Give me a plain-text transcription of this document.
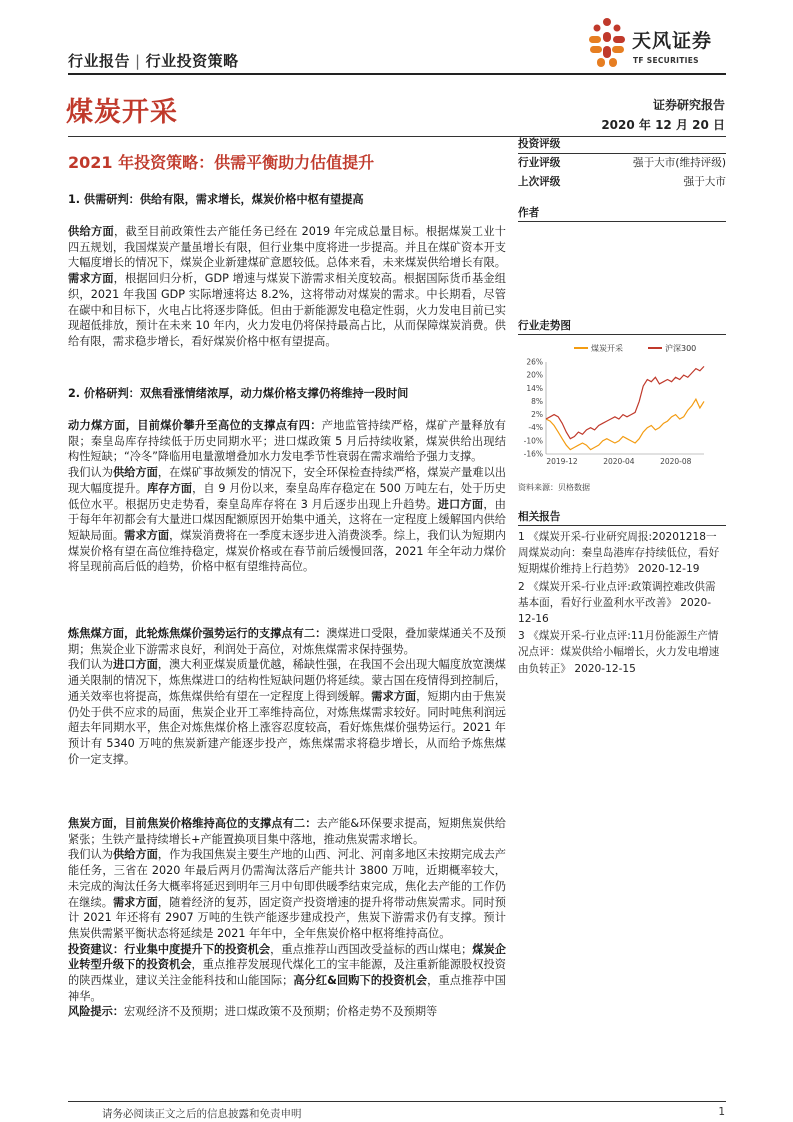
行业报告 | 行业投资策略
天风证券
TF SECURITIES
煤炭开采	证券研究报告
2020 年 12 月 20 日
2021 年投资策略：供需平衡助力估值提升
投资评级
行业评级	强于大市(维持评级)
上次评级	强于大市
作者
行业走势图
煤炭开采	沪深300
26%
20%
14%
8%
2%
-4%
-10%
-16%
2019-12	2020-04	2020-08
资料来源：贝格数据
相关报告

1 《煤炭开采-行业研究周报:20201218一周煤炭动向：秦皇岛港库存持续低位，看好短期煤价维持上行趋势》 2020-12-19

2 《煤炭开采-行业点评:政策调控难改供需基本面，看好行业盈利水平改善》 2020-12-16

3 《煤炭开采-行业点评:11月份能源生产情况点评：煤炭供给小幅增长，火力发电增速由负转正》 2020-12-15

1. 供需研判：供给有限，需求增长，煤炭价格中枢有望提高

供给方面，截至目前政策性去产能任务已经在 2019 年完成总量目标。根据煤炭工业十四五规划，我国煤炭产量虽增长有限，但行业集中度将进一步提高。并且在煤矿资本开支大幅度增长的情况下，煤炭企业新建煤矿意愿较低。总体来看，未来煤炭供给增长有限。需求方面，根据回归分析，GDP 增速与煤炭下游需求相关度较高。根据国际货币基金组织，2021 年我国 GDP 实际增速将达 8.2%，这将带动对煤炭的需求。中长期看，尽管在碳中和目标下，火电占比将逐步降低。但由于新能源发电稳定性弱，火力发电目前已实现超低排放，预计在未来 10 年内，火力发电仍将保持最高占比，从而保障煤炭消费。供给有限，需求稳步增长，看好煤炭价格中枢有望提高。

2. 价格研判：双焦看涨情绪浓厚，动力煤价格支撑仍将维持一段时间

动力煤方面，目前煤价攀升至高位的支撑点有四：产地监管持续严格，煤矿产量释放有限；秦皇岛库存持续低于历史同期水平；进口煤政策 5 月后持续收紧，煤炭供给出现结构性短缺；“冷冬”降临用电量激增叠加水力发电季节性衰弱在需求端给予强力支撑。

我们认为供给方面，在煤矿事故频发的情况下，安全环保检查持续严格，煤炭产量难以出现大幅度提升。库存方面，自 9 月份以来，秦皇岛库存稳定在 500 万吨左右，处于历史低位水平。根据历史走势看，秦皇岛库存将在 3 月后逐步出现上升趋势。进口方面，由于每年年初都会有大量进口煤因配额原因开始集中通关，这将在一定程度上缓解国内供给短缺局面。需求方面，煤炭消费将在一季度末逐步进入消费淡季。综上，我们认为短期内煤炭价格有望在高位维持稳定，煤炭价格或在春节前后缓慢回落，2021 年全年动力煤价将呈现前高后低的趋势，价格中枢有望维持高位。

炼焦煤方面，此轮炼焦煤价强势运行的支撑点有二：澳煤进口受限，叠加蒙煤通关不及预期；焦炭企业下游需求良好，利润处于高位，对炼焦煤需求保持强势。

我们认为进口方面，澳大利亚煤炭质量优越，稀缺性强，在我国不会出现大幅度放宽澳煤通关限制的情况下，炼焦煤进口的结构性短缺问题仍将延续。蒙古国在疫情得到控制后，通关效率也将提高，炼焦煤供给有望在一定程度上得到缓解。需求方面，短期内由于焦炭仍处于供不应求的局面，焦炭企业开工率维持高位，对炼焦煤需求较好。同时吨焦利润远超去年同期水平，焦企对炼焦煤价格上涨容忍度较高，看好炼焦煤价强势运行。2021 年预计有 5340 万吨的焦炭新建产能逐步投产，炼焦煤需求将稳步增长，从而给予炼焦煤价一定支撑。

焦炭方面，目前焦炭价格维持高位的支撑点有二：去产能&环保要求提高，短期焦炭供给紧张；生铁产量持续增长+产能置换项目集中落地，推动焦炭需求增长。

我们认为供给方面，作为我国焦炭主要生产地的山西、河北、河南多地区未按期完成去产能任务，三省在 2020 年最后两月仍需淘汰落后产能共计 3800 万吨，近期概率较大，未完成的淘汰任务大概率将延迟到明年三月中旬即供暖季结束完成，焦化去产能的工作仍在继续。需求方面，随着经济的复苏，固定资产投资增速的提升将带动焦炭需求。同时预计 2021 年还将有 2907 万吨的生铁产能逐步建成投产，焦炭下游需求仍有支撑。预计焦炭供需紧平衡状态将延续是 2021 年年中，全年焦炭价格中枢将维持高位。

投资建议：行业集中度提升下的投资机会，重点推荐山西国改受益标的西山煤电；煤炭企业转型升级下的投资机会，重点推荐发展现代煤化工的宝丰能源，及注重新能源股权投资的陕西煤业，建议关注金能科技和山能国际；高分红&回购下的投资机会，重点推荐中国神华。

风险提示：宏观经济不及预期；进口煤政策不及预期；价格走势不及预期等

请务必阅读正文之后的信息披露和免责申明	1
